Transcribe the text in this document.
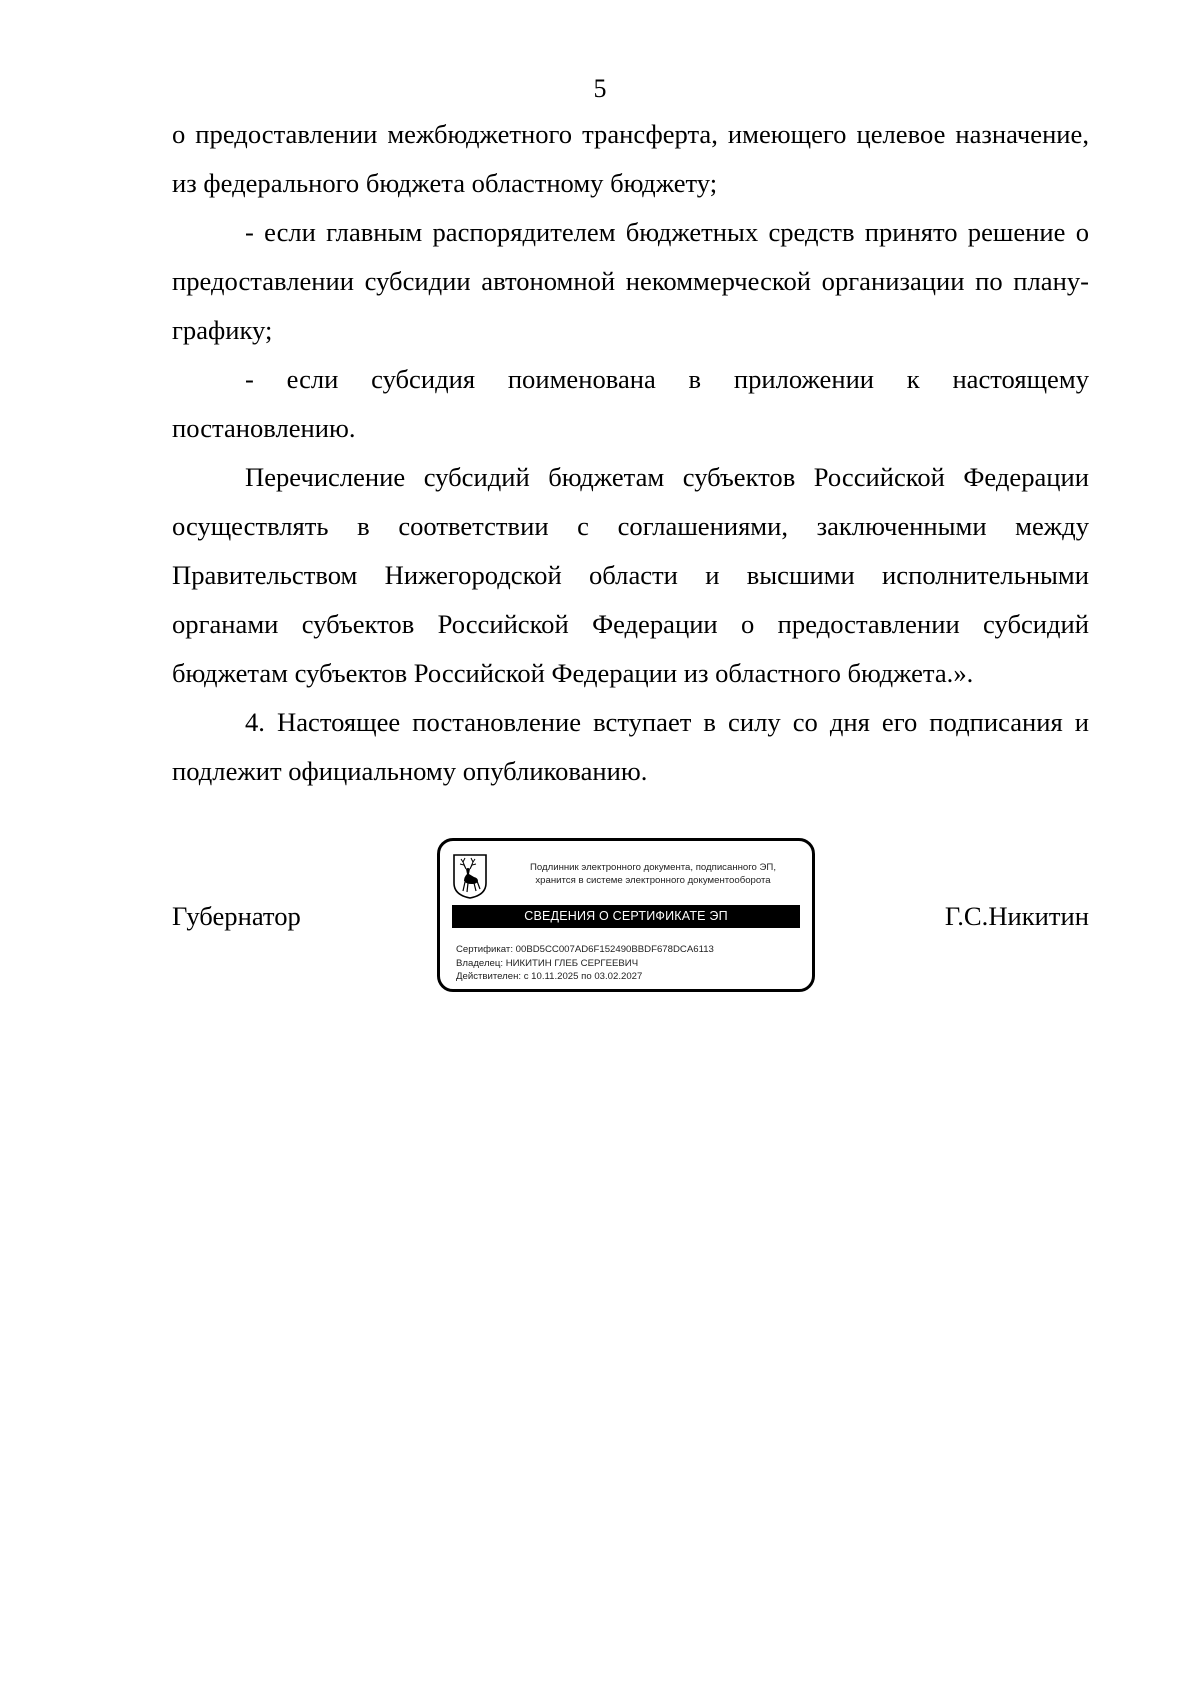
5

о предоставлении межбюджетного трансферта, имеющего целевое назначение, из федерального бюджета областному бюджету;

- если главным распорядителем бюджетных средств принято решение о предоставлении субсидии автономной некоммерческой организации по плану-графику;

- если субсидия поименована в приложении к настоящему постановлению.

Перечисление субсидий бюджетам субъектов Российской Федерации осуществлять в соответствии с соглашениями, заключенными между Правительством Нижегородской области и высшими исполнительными органами субъектов Российской Федерации о предоставлении субсидий бюджетам субъектов Российской Федерации из областного бюджета.».

4. Настоящее постановление вступает в силу со дня его подписания и подлежит официальному опубликованию.

Губернатор
Подлинник электронного документа, подписанного ЭП,
хранится в системе электронного документооборота
СВЕДЕНИЯ О СЕРТИФИКАТЕ ЭП
Сертификат: 00BD5CC007AD6F152490BBDF678DCA6113
Владелец: НИКИТИН ГЛЕБ СЕРГЕЕВИЧ
Действителен: с 10.11.2025 по 03.02.2027
Г.С.Никитин
